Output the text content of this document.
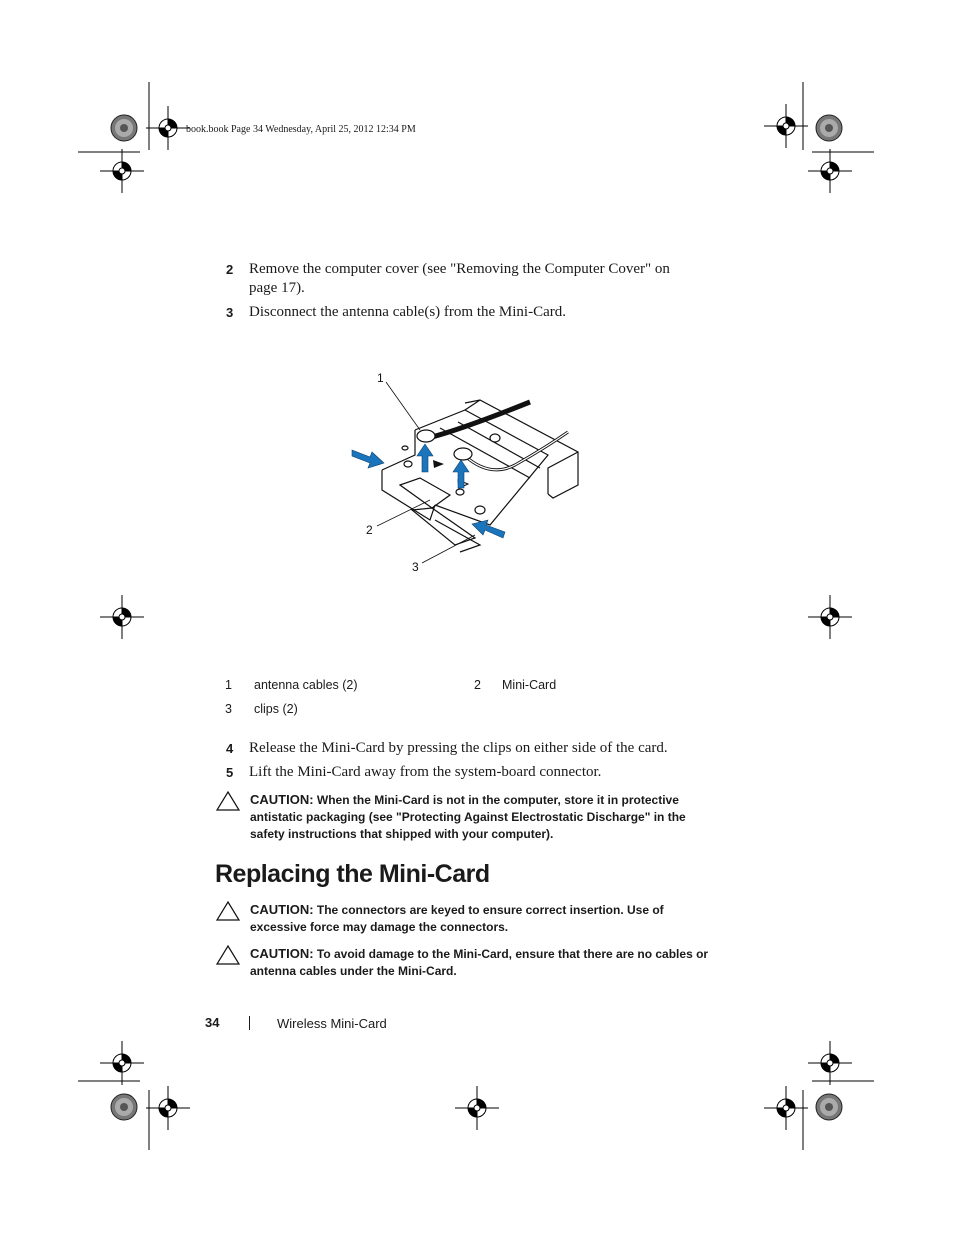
book.book Page 34 Wednesday, April 25, 2012 12:34 PM
2 Remove the computer cover (see "Removing the Computer Cover" on page 17).
3 Disconnect the antenna cable(s) from the Mini-Card.
1
2
3
1 antenna cables (2)	2 Mini-Card
3 clips (2)
4 Release the Mini-Card by pressing the clips on either side of the card.
5 Lift the Mini-Card away from the system-board connector.
CAUTION: When the Mini-Card is not in the computer, store it in protective antistatic packaging (see "Protecting Against Electrostatic Discharge" in the safety instructions that shipped with your computer).
Replacing the Mini-Card
CAUTION: The connectors are keyed to ensure correct insertion. Use of excessive force may damage the connectors.
CAUTION: To avoid damage to the Mini-Card, ensure that there are no cables or antenna cables under the Mini-Card.
34	Wireless Mini-Card
